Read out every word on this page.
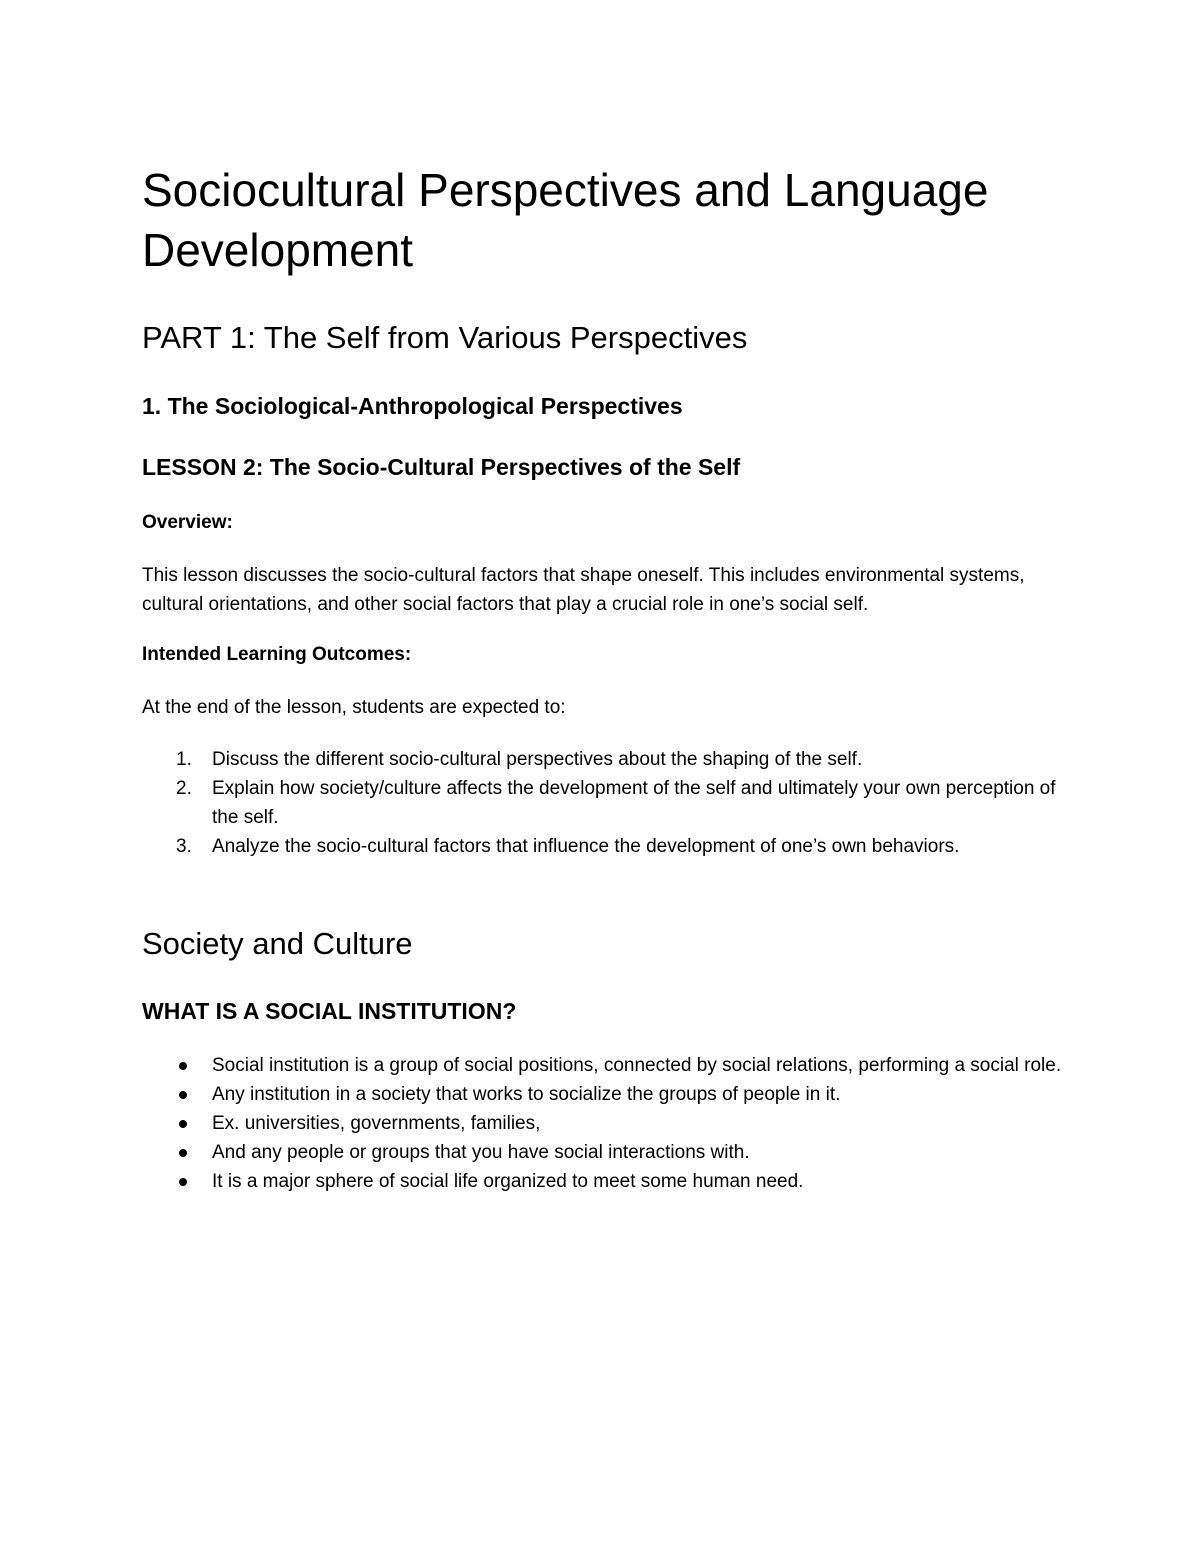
Sociocultural Perspectives and Language Development
PART 1: The Self from Various Perspectives
1. The Sociological-Anthropological Perspectives
LESSON 2: The Socio-Cultural Perspectives of the Self

Overview:

This lesson discusses the socio-cultural factors that shape oneself. This includes environmental systems, cultural orientations, and other social factors that play a crucial role in one’s social self.

Intended Learning Outcomes:

At the end of the lesson, students are expected to:

1. Discuss the different socio-cultural perspectives about the shaping of the self.
2. Explain how society/culture affects the development of the self and ultimately your own perception of the self.
3. Analyze the socio-cultural factors that influence the development of one’s own behaviors.
Society and Culture
WHAT IS A SOCIAL INSTITUTION?
Social institution is a group of social positions, connected by social relations, performing a social role.
Any institution in a society that works to socialize the groups of people in it.
Ex. universities, governments, families,
And any people or groups that you have social interactions with.
It is a major sphere of social life organized to meet some human need.
